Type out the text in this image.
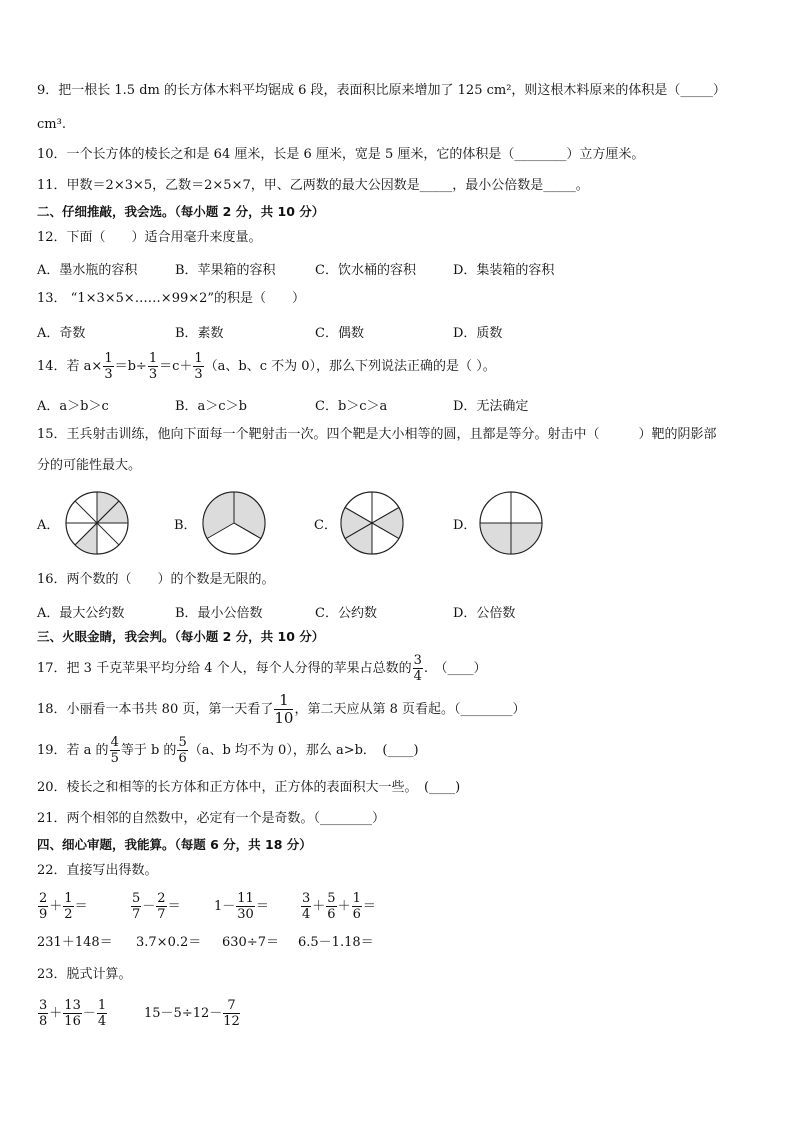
9．把一根长 1.5 dm 的长方体木料平均锯成 6 段，表面积比原来增加了 125 cm²，则这根木料原来的体积是（_____）
cm³.
10．一个长方体的棱长之和是 64 厘米，长是 6 厘米，宽是 5 厘米，它的体积是（________）立方厘米。
11．甲数＝2×3×5，乙数＝2×5×7，甲、乙两数的最大公因数是_____，最小公倍数是_____。
二、仔细推敲，我会选。（每小题 2 分，共 10 分）
12．下面（　　）适合用毫升来度量。
A．墨水瓶的容积	B．苹果箱的容积	C．饮水桶的容积	D．集装箱的容积
13． “1×3×5×……×99×2”的积是（　　）
A．奇数	B．素数	C．偶数	D．质数
14．若 $a\times \frac{1}{3} =b\div \frac{1}{3} =c+ \frac{1}{3} (a$、b、c 不为 0），那么下列说法正确的是（ ）。
A．a＞b＞c	B．a＞c＞b	C．b＞c＞a	D．无法确定
15．王兵射击训练，他向下面每一个靶射击一次。四个靶是大小相等的圆，且都是等分。射击中（　　　）靶的阴影部
分的可能性最大。
A．	B．	C．	D．
16．两个数的（　　）的个数是无限的。
A．最大公约数	B．最小公倍数	C．公约数	D．公倍数
三、火眼金睛，我会判。（每小题 2 分，共 10 分）
17．把 3 千克苹果平均分给 4 个人，每个人分得的苹果占总数的 $\frac{3}{4}$ .　（____）
18．小丽看一本书共 80 页，第一天看了 $\frac{1}{10}$ ，第二天应从第 8 页看起。（________）
19．若 a 的 $\frac{4}{5}$ 等于 b 的 $\frac{5}{6} (a$、b 均不为 0），那么 a>b．　(____)
20．棱长之和相等的长方体和正方体中，正方体的表面积大一些。　(____)
21．两个相邻的自然数中，必定有一个是奇数。（________）
四、细心审题，我能算。（每题 6 分，共 18 分）
22．直接写出得数。
$\frac{2}{9} + \frac{1}{2}$ ＝	$\frac{5}{7} - \frac{2}{7}$ ＝	$1- \frac{11}{30} = \frac{3}{4} + \frac{5}{6} + \frac{1}{6}$ ＝
231＋148＝ 3.7×0.2＝ 630÷7＝ 6.5－1.18＝
23．脱式计算。
$\frac{3}{8} + \frac{13}{16} - \frac{1}{4}$	$15-5\div 12- \frac{7}{12}$
